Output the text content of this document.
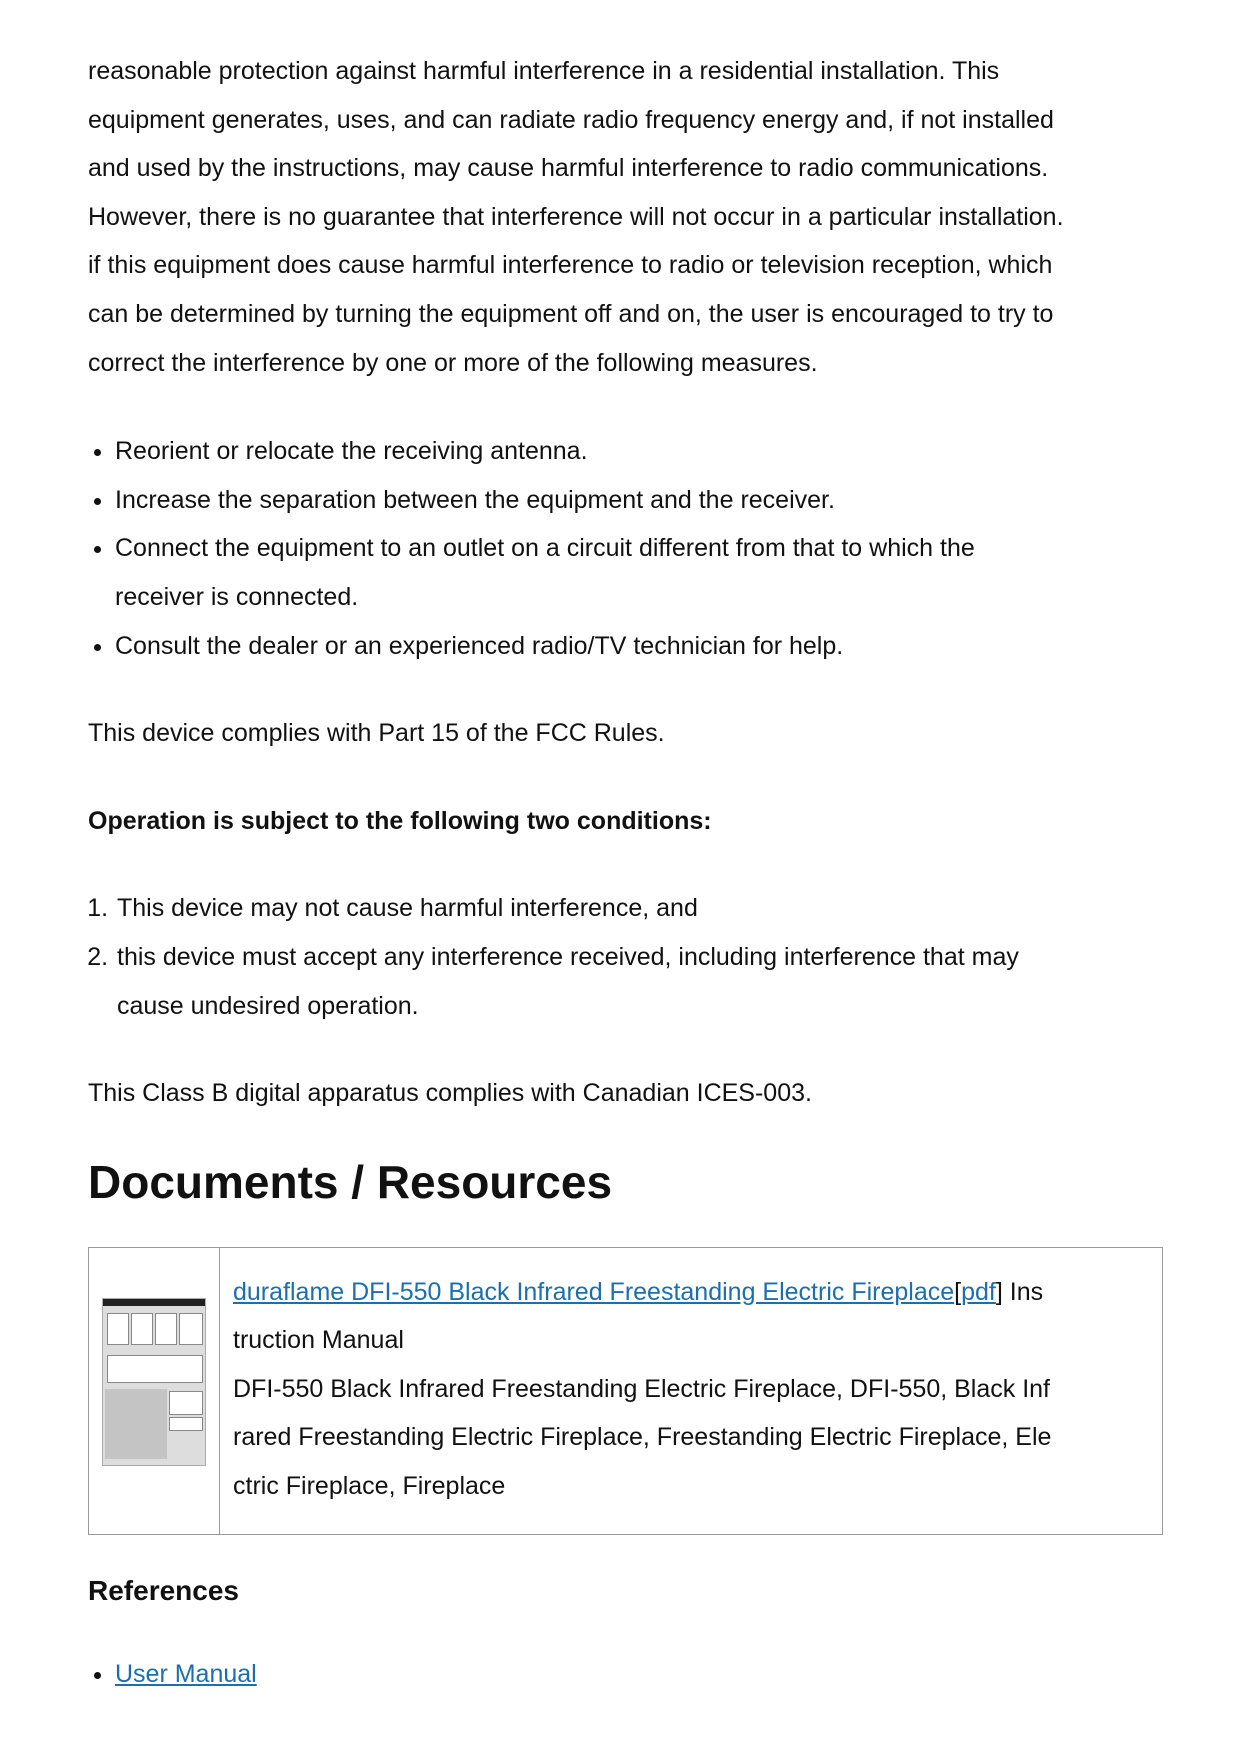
reasonable protection against harmful interference in a residential installation. This
equipment generates, uses, and can radiate radio frequency energy and, if not installed
and used by the instructions, may cause harmful interference to radio communications.
However, there is no guarantee that interference will not occur in a particular installation.
if this equipment does cause harmful interference to radio or television reception, which
can be determined by turning the equipment off and on, the user is encouraged to try to
correct the interference by one or more of the following measures.

• Reorient or relocate the receiving antenna.
• Increase the separation between the equipment and the receiver.
• Connect the equipment to an outlet on a circuit different from that to which the
receiver is connected.
• Consult the dealer or an experienced radio/TV technician for help.

This device complies with Part 15 of the FCC Rules.

Operation is subject to the following two conditions:

1. This device may not cause harmful interference, and
2. this device must accept any interference received, including interference that may
cause undesired operation.

This Class B digital apparatus complies with Canadian ICES-003.

Documents / Resources

duraflame DFI-550 Black Infrared Freestanding Electric Fireplace[pdf] Ins
truction Manual
DFI-550 Black Infrared Freestanding Electric Fireplace, DFI-550, Black Inf
rared Freestanding Electric Fireplace, Freestanding Electric Fireplace, Ele
ctric Fireplace, Fireplace
References
• User Manual
